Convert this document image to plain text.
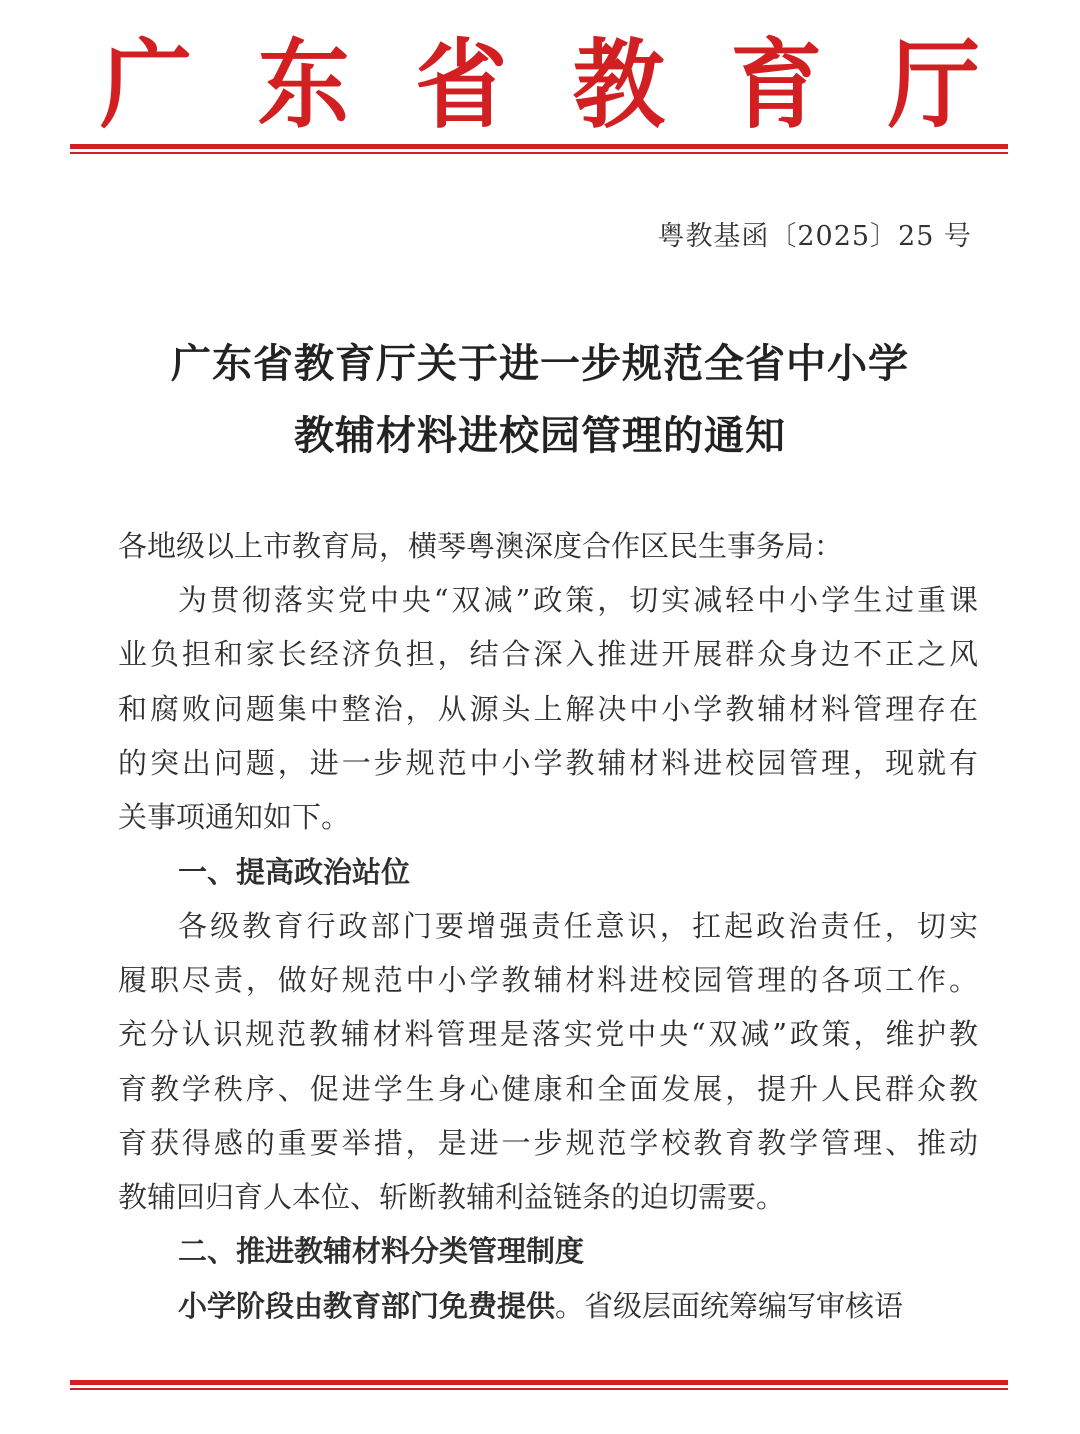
广 东 省 教 育 厅
粤教基函〔2025〕25 号
广东省教育厅关于进一步规范全省中小学
教辅材料进校园管理的通知
各地级以上市教育局，横琴粤澳深度合作区民生事务局：
为贯彻落实党中央“双减”政策，切实减轻中小学生过重课
业负担和家长经济负担，结合深入推进开展群众身边不正之风
和腐败问题集中整治，从源头上解决中小学教辅材料管理存在
的突出问题，进一步规范中小学教辅材料进校园管理，现就有
关事项通知如下。
一、提高政治站位
各级教育行政部门要增强责任意识，扛起政治责任，切实
履职尽责，做好规范中小学教辅材料进校园管理的各项工作。
充分认识规范教辅材料管理是落实党中央“双减”政策，维护教
育教学秩序、促进学生身心健康和全面发展，提升人民群众教
育获得感的重要举措，是进一步规范学校教育教学管理、推动
教辅回归育人本位、斩断教辅利益链条的迫切需要。
二、推进教辅材料分类管理制度
小学阶段由教育部门免费提供。省级层面统筹编写审核语
